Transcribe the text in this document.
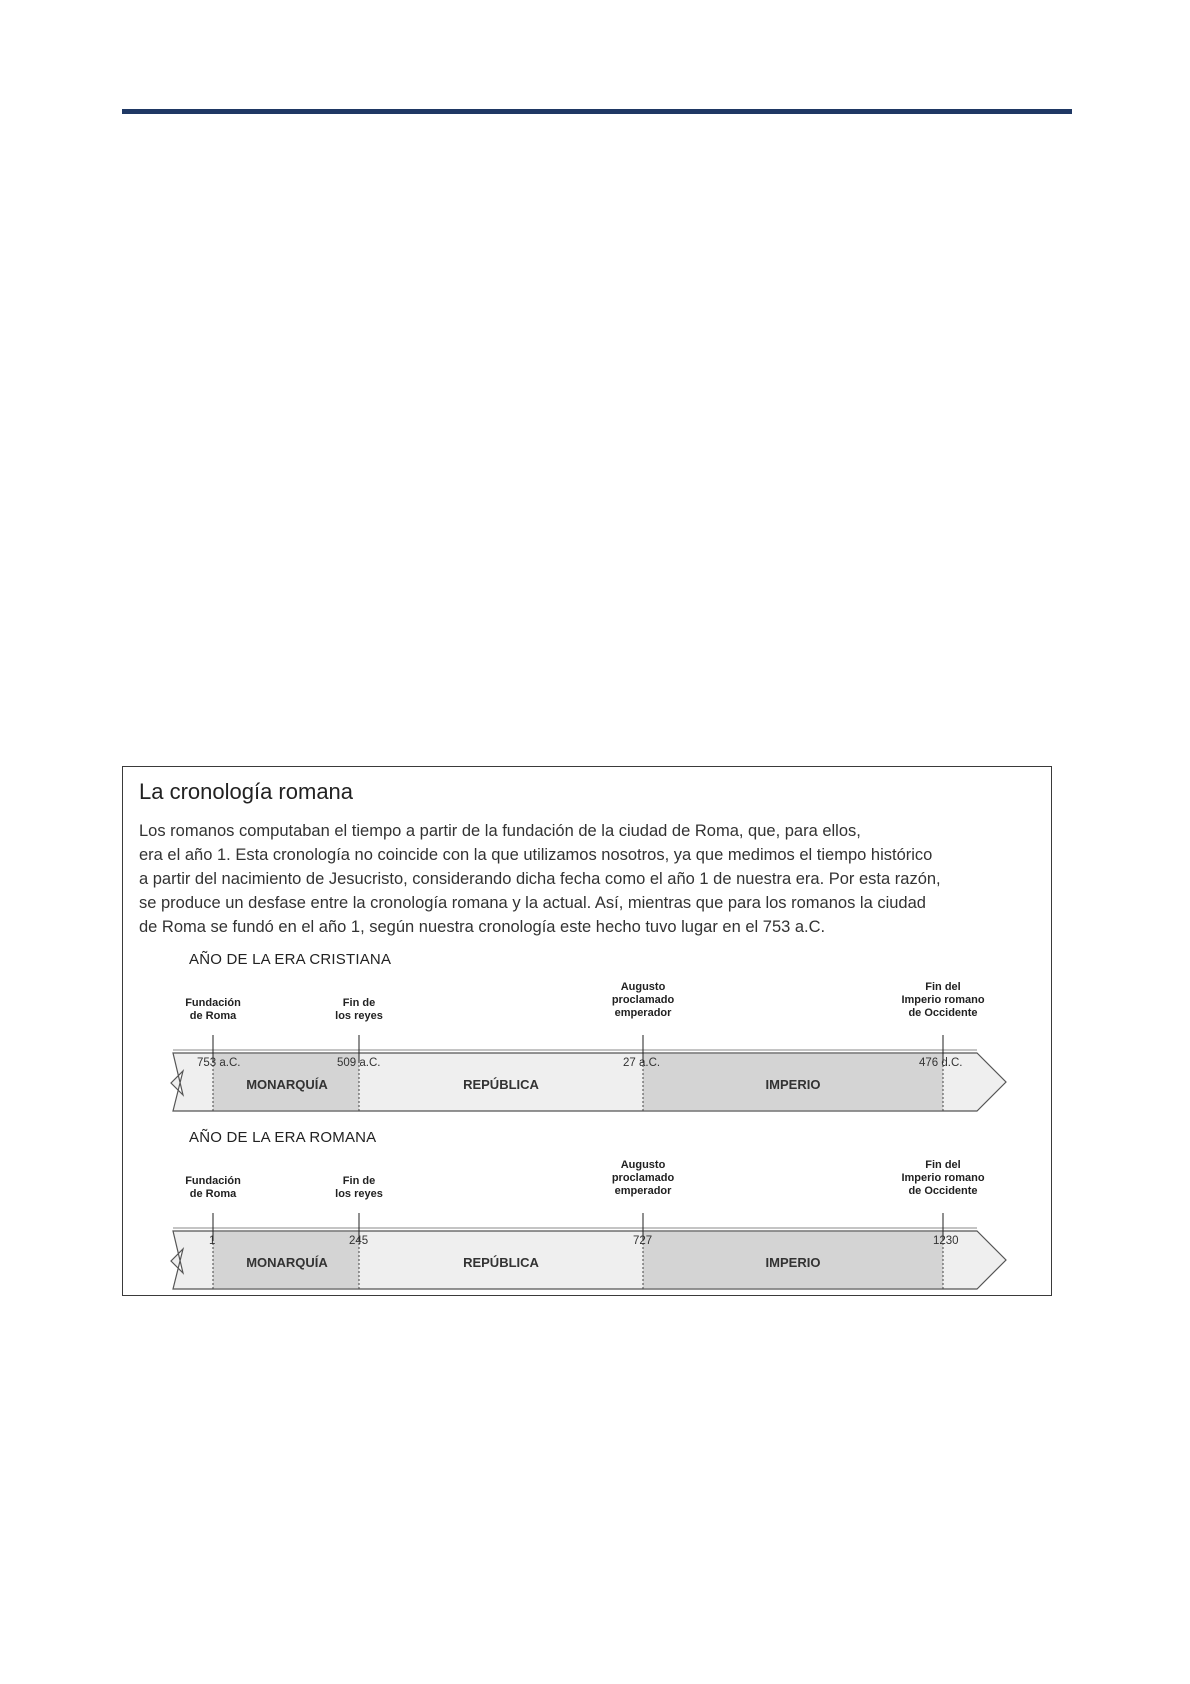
La cronología romana

Los romanos computaban el tiempo a partir de la fundación de la ciudad de Roma, que, para ellos,
era el año 1. Esta cronología no coincide con la que utilizamos nosotros, ya que medimos el tiempo histórico
a partir del nacimiento de Jesucristo, considerando dicha fecha como el año 1 de nuestra era. Por esta razón,
se produce un desfase entre la cronología romana y la actual. Así, mientras que para los romanos la ciudad
de Roma se fundó en el año 1, según nuestra cronología este hecho tuvo lugar en el 753 a.C.

AÑO DE LA ERA CRISTIANA
Fundación
de Roma
Fin de
los reyes
Augusto
proclamado
emperador
Fin del
Imperio romano
de Occidente
753 a.C.	509 a.C.	27 a.C.	476 d.C.
MONARQUÍA	REPÚBLICA	IMPERIO
AÑO DE LA ERA ROMANA
Fundación
de Roma
Fin de
los reyes
Augusto
proclamado
emperador
Fin del
Imperio romano
de Occidente
1	245	727	1230
MONARQUÍA	REPÚBLICA	IMPERIO
